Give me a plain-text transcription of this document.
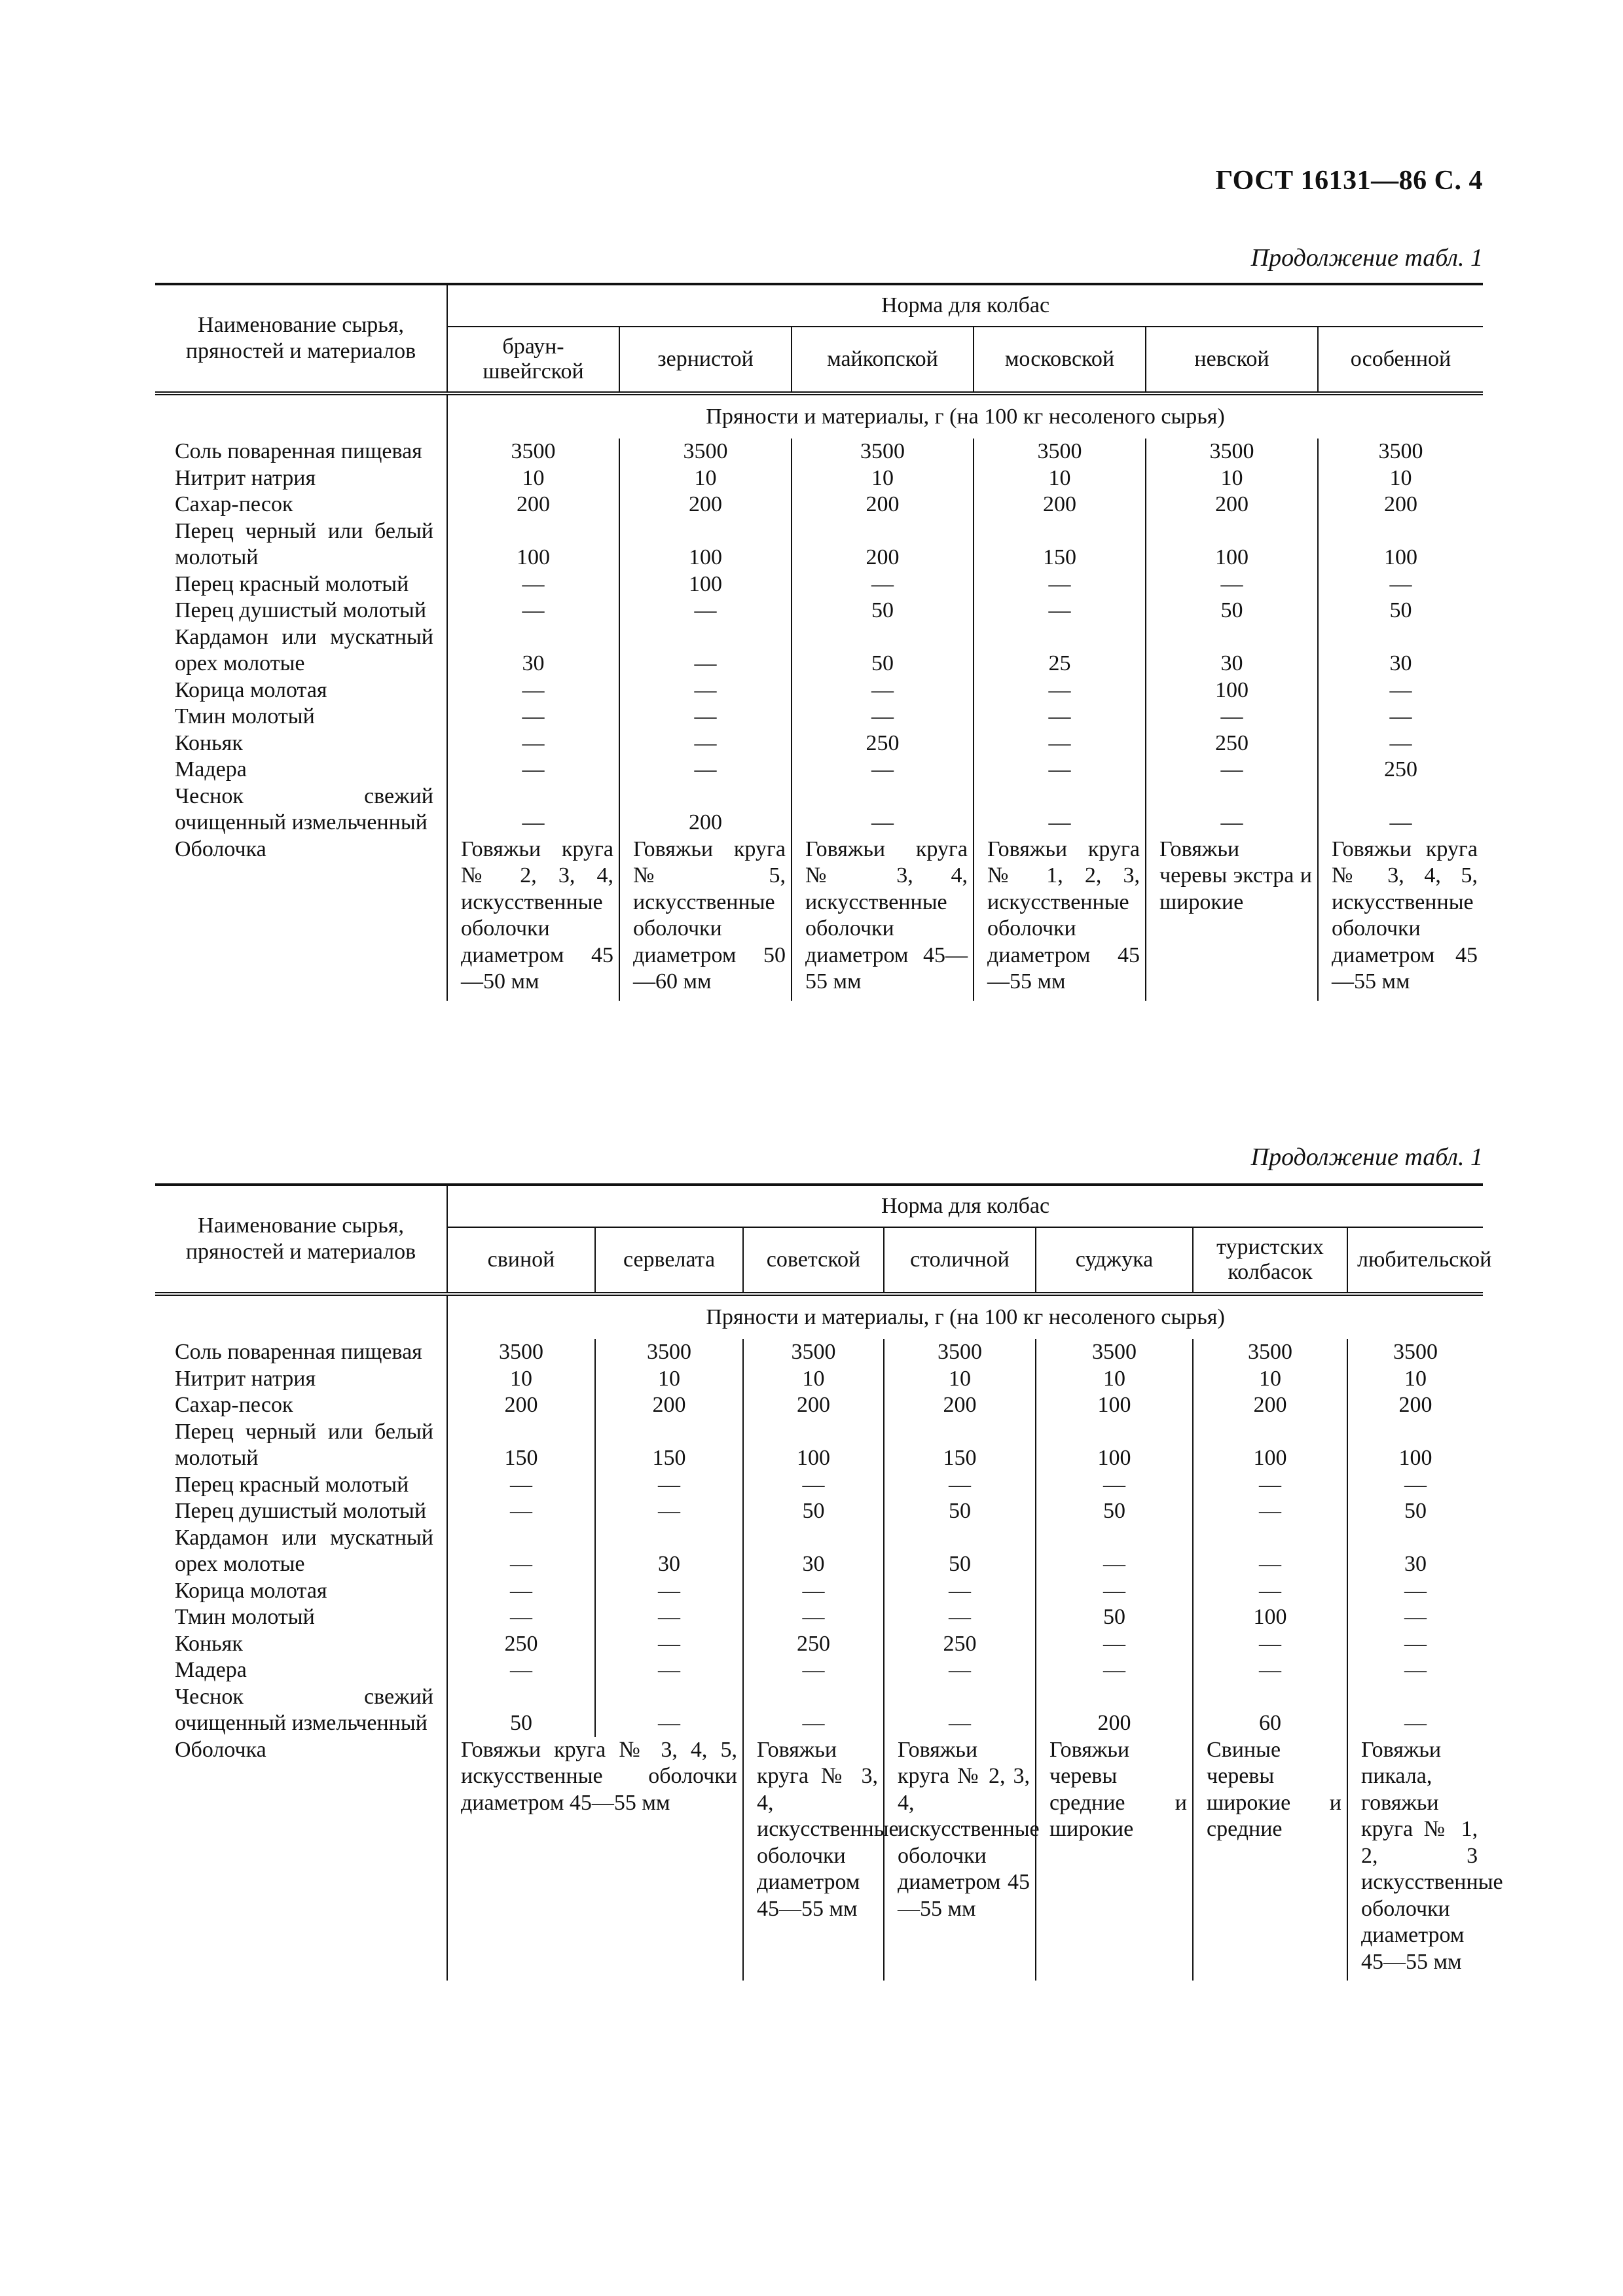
ГОСТ 16131—86 С. 4
Продолжение табл. 1
Наименование сырья, пряностей и материалов	Норма для колбас					
	браун-швейгской	зернистой	майкопской	московской	невской	особенной
	Пряности и материалы, г (на 100 кг несоленого сырья)					

Соль поваренная пищевая	3500	3500	3500	3500	3500	3500

Нитрит натрия	10	10	10	10	10	10

Сахар-песок	200	200	200	200	200	200

Перец черный или белый молотый	100	100	200	150	100	100

Перец красный молотый	—	100	—	—	—	—

Перец душистый молотый	—	—	50	—	50	50

Кардамон или мускатный орех молотые	30	—	50	25	30	30

Корица молотая	—	—	—	—	100	—

Тмин молотый	—	—	—	—	—	—

Коньяк	—	—	250	—	250	—

Мадера	—	—	—	—	—	250

Чеснок свежий очищенный измельченный	—	200	—	—	—	—
Оболочка	Говяжьи круга № 2, 3, 4, искусственные оболочки диаметром 45—50 мм	Говяжьи круга № 5, искусственные оболочки диаметром 50—60 мм	Говяжьи круга № 3, 4, искусственные оболочки диаметром 45—55 мм	Говяжьи круга № 1, 2, 3, искусственные оболочки диаметром 45—55 мм	Говяжьи черевы экстра и широкие	Говяжьи круга № 3, 4, 5, искусственные оболочки диаметром 45—55 мм
Продолжение табл. 1
Наименование сырья, пряностей и материалов	Норма для колбас						
	свиной	сервелата	советской	столичной	суджука	туристских колбасок	любительской
	Пряности и материалы, г (на 100 кг несоленого сырья)						

Соль поваренная пищевая	3500	3500	3500	3500	3500	3500	3500

Нитрит натрия	10	10	10	10	10	10	10

Сахар-песок	200	200	200	200	100	200	200

Перец черный или белый молотый	150	150	100	150	100	100	100

Перец красный молотый	—	—	—	—	—	—	—

Перец душистый молотый	—	—	50	50	50	—	50

Кардамон или мускатный орех молотые	—	30	30	50	—	—	30

Корица молотая	—	—	—	—	—	—	—

Тмин молотый	—	—	—	—	50	100	—

Коньяк	250	—	250	250	—	—	—

Мадера	—	—	—	—	—	—	—

Чеснок свежий очищенный измельченный	50	—	—	—	200	60	—
Оболочка	Говяжьи круга № 3, 4, 5, искусственные оболочки диаметром 45—55 мм		Говяжьи круга № 3, 4, искусственные оболочки диаметром 45—55 мм	Говяжьи круга № 2, 3, 4, искусственные оболочки диаметром 45—55 мм	Говяжьи черевы средние и широкие	Свиные черевы широкие и средние	Говяжьи пикала, говяжьи круга № 1, 2, 3 искусственные оболочки диаметром 45—55 мм
